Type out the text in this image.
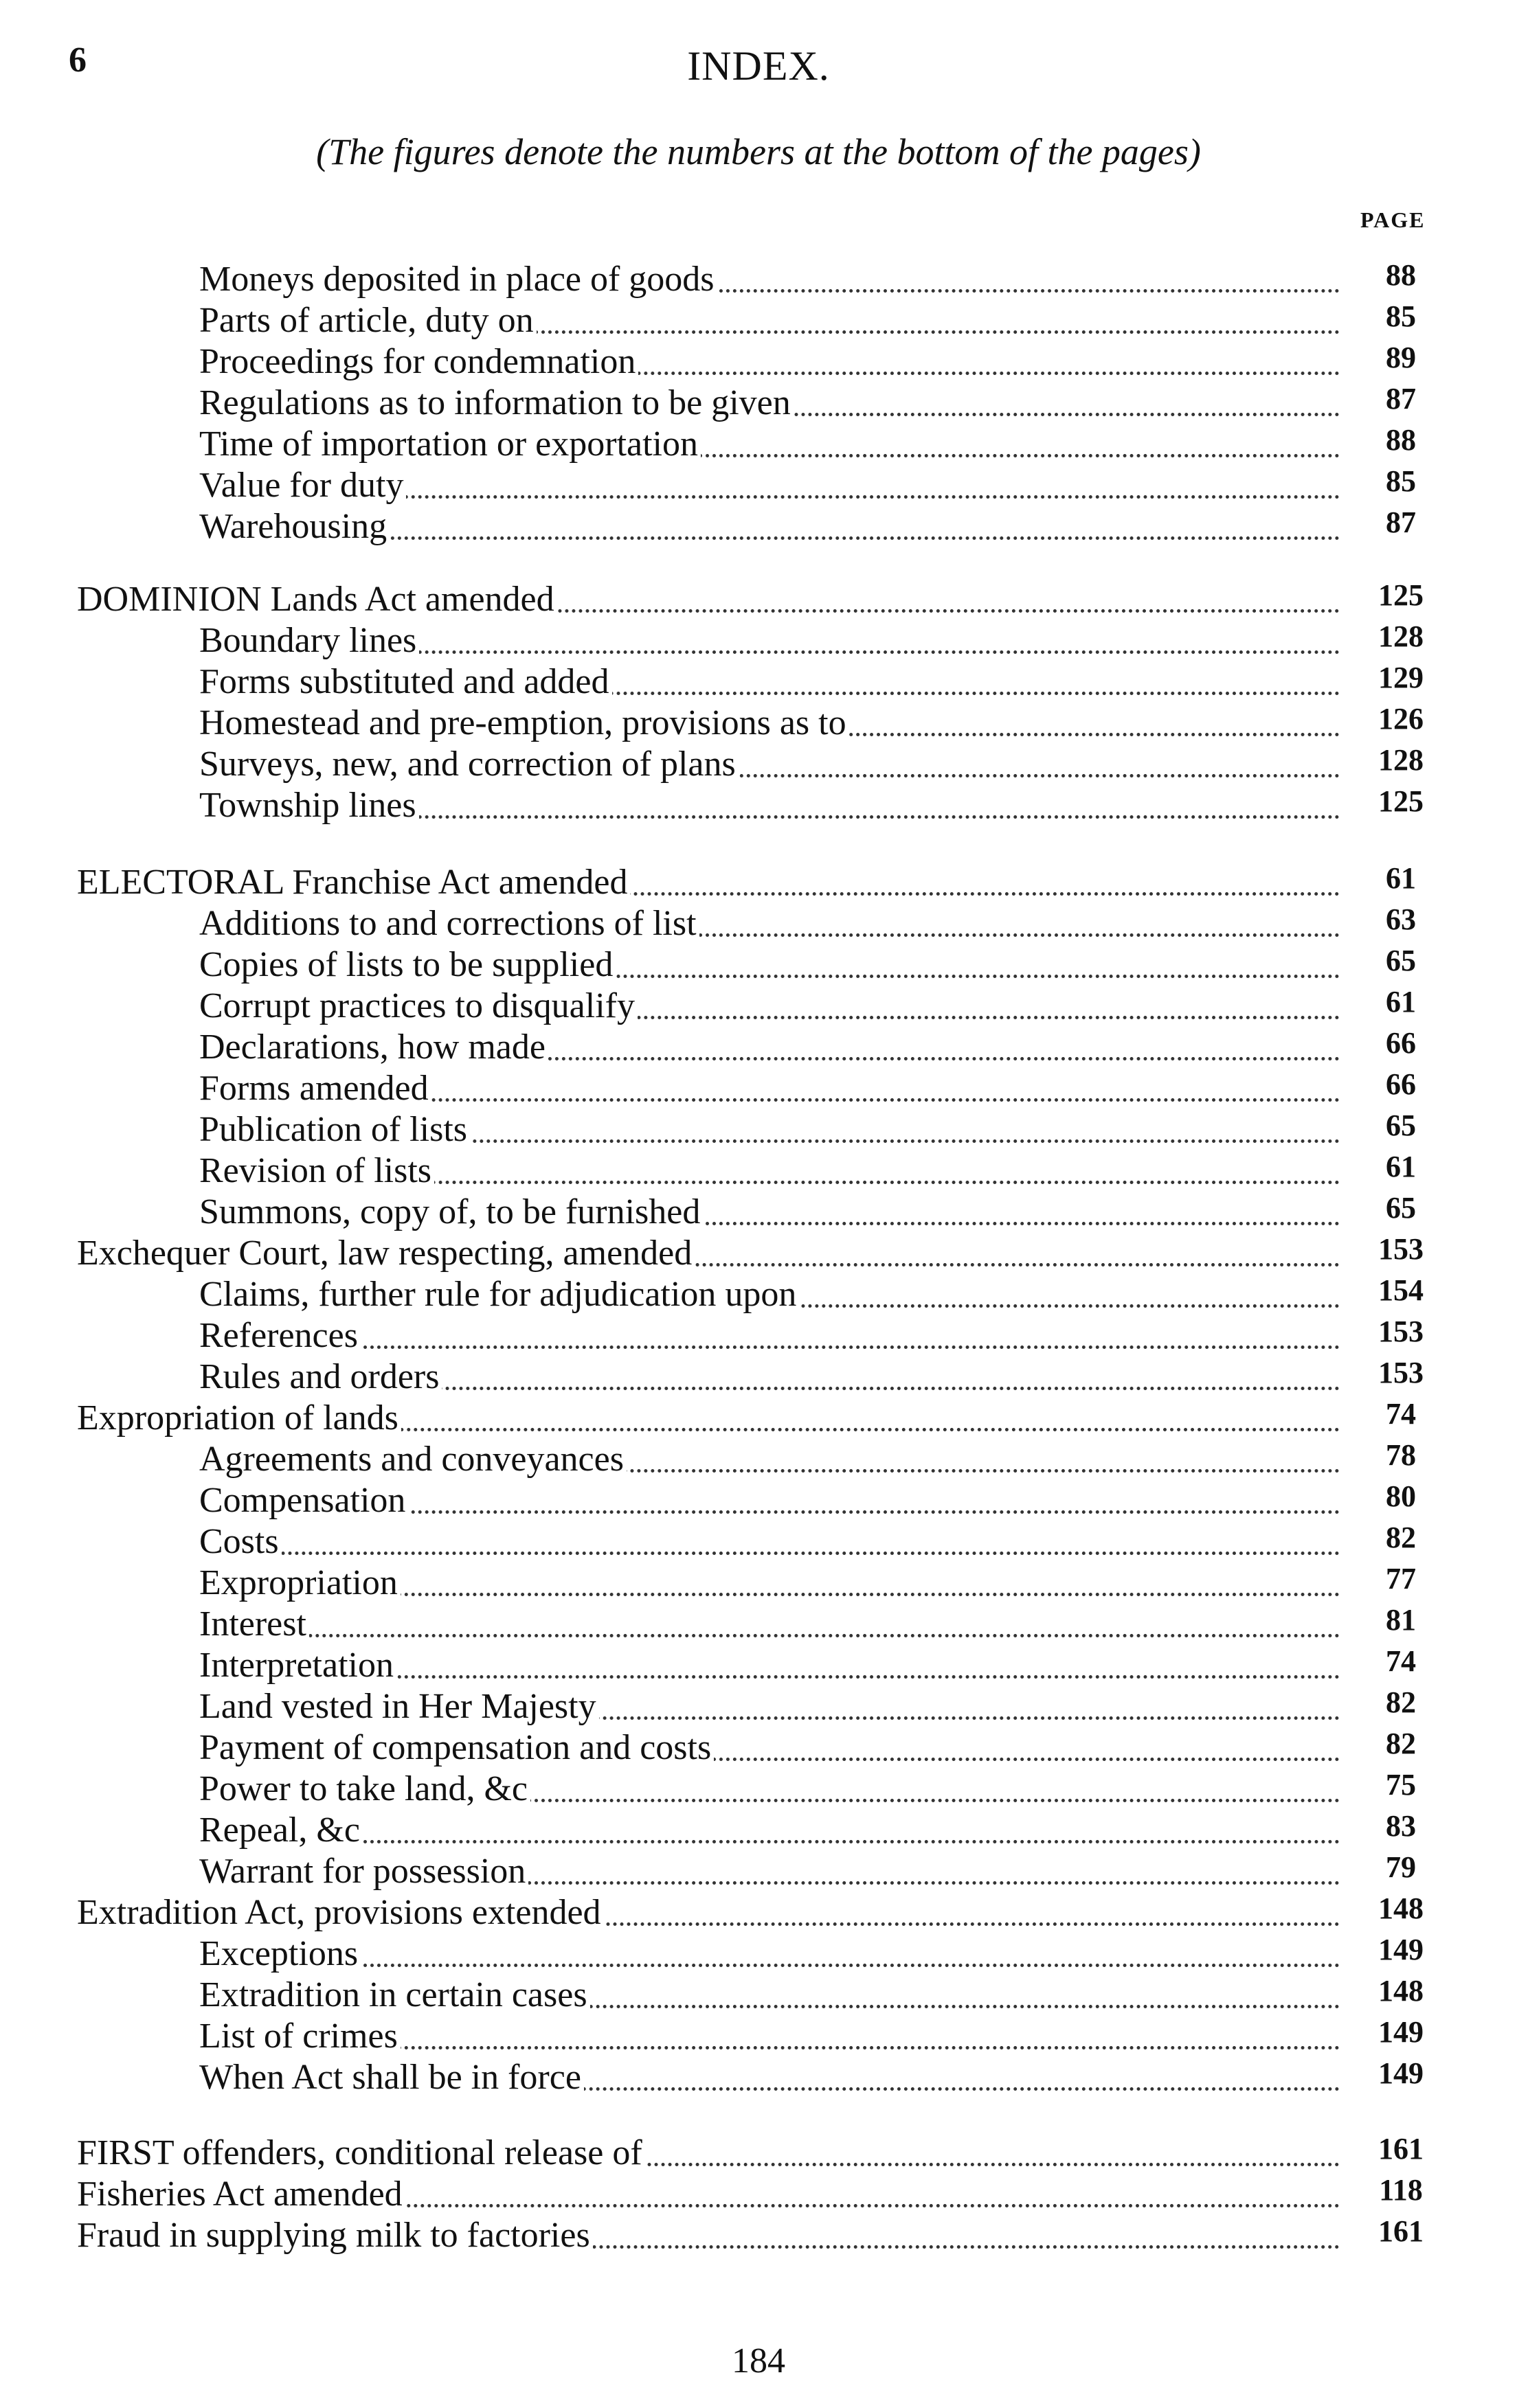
6	INDEX.
(The figures denote the numbers at the bottom of the pages)
PAGE
Moneys deposited in place of goods	88
Parts of article, duty on	85
Proceedings for condemnation	89
Regulations as to information to be given	87
Time of importation or exportation	88
Value for duty	85
Warehousing	87
DOMINION Lands Act amended	125
Boundary lines	128
Forms substituted and added	129
Homestead and pre-emption, provisions as to	126
Surveys, new, and correction of plans	128
Township lines	125
ELECTORAL Franchise Act amended	61
Additions to and corrections of list	63
Copies of lists to be supplied	65
Corrupt practices to disqualify	61
Declarations, how made	66
Forms amended	66
Publication of lists	65
Revision of lists	61
Summons, copy of, to be furnished	65
Exchequer Court, law respecting, amended	153
Claims, further rule for adjudication upon	154
References	153
Rules and orders	153
Expropriation of lands	74
Agreements and conveyances	78
Compensation	80
Costs	82
Expropriation	77
Interest	81
Interpretation	74
Land vested in Her Majesty	82
Payment of compensation and costs	82
Power to take land, &c	75
Repeal, &c	83
Warrant for possession	79
Extradition Act, provisions extended	148
Exceptions	149
Extradition in certain cases	148
List of crimes	149
When Act shall be in force	149
FIRST offenders, conditional release of	161
Fisheries Act amended	118
Fraud in supplying milk to factories	161
184
